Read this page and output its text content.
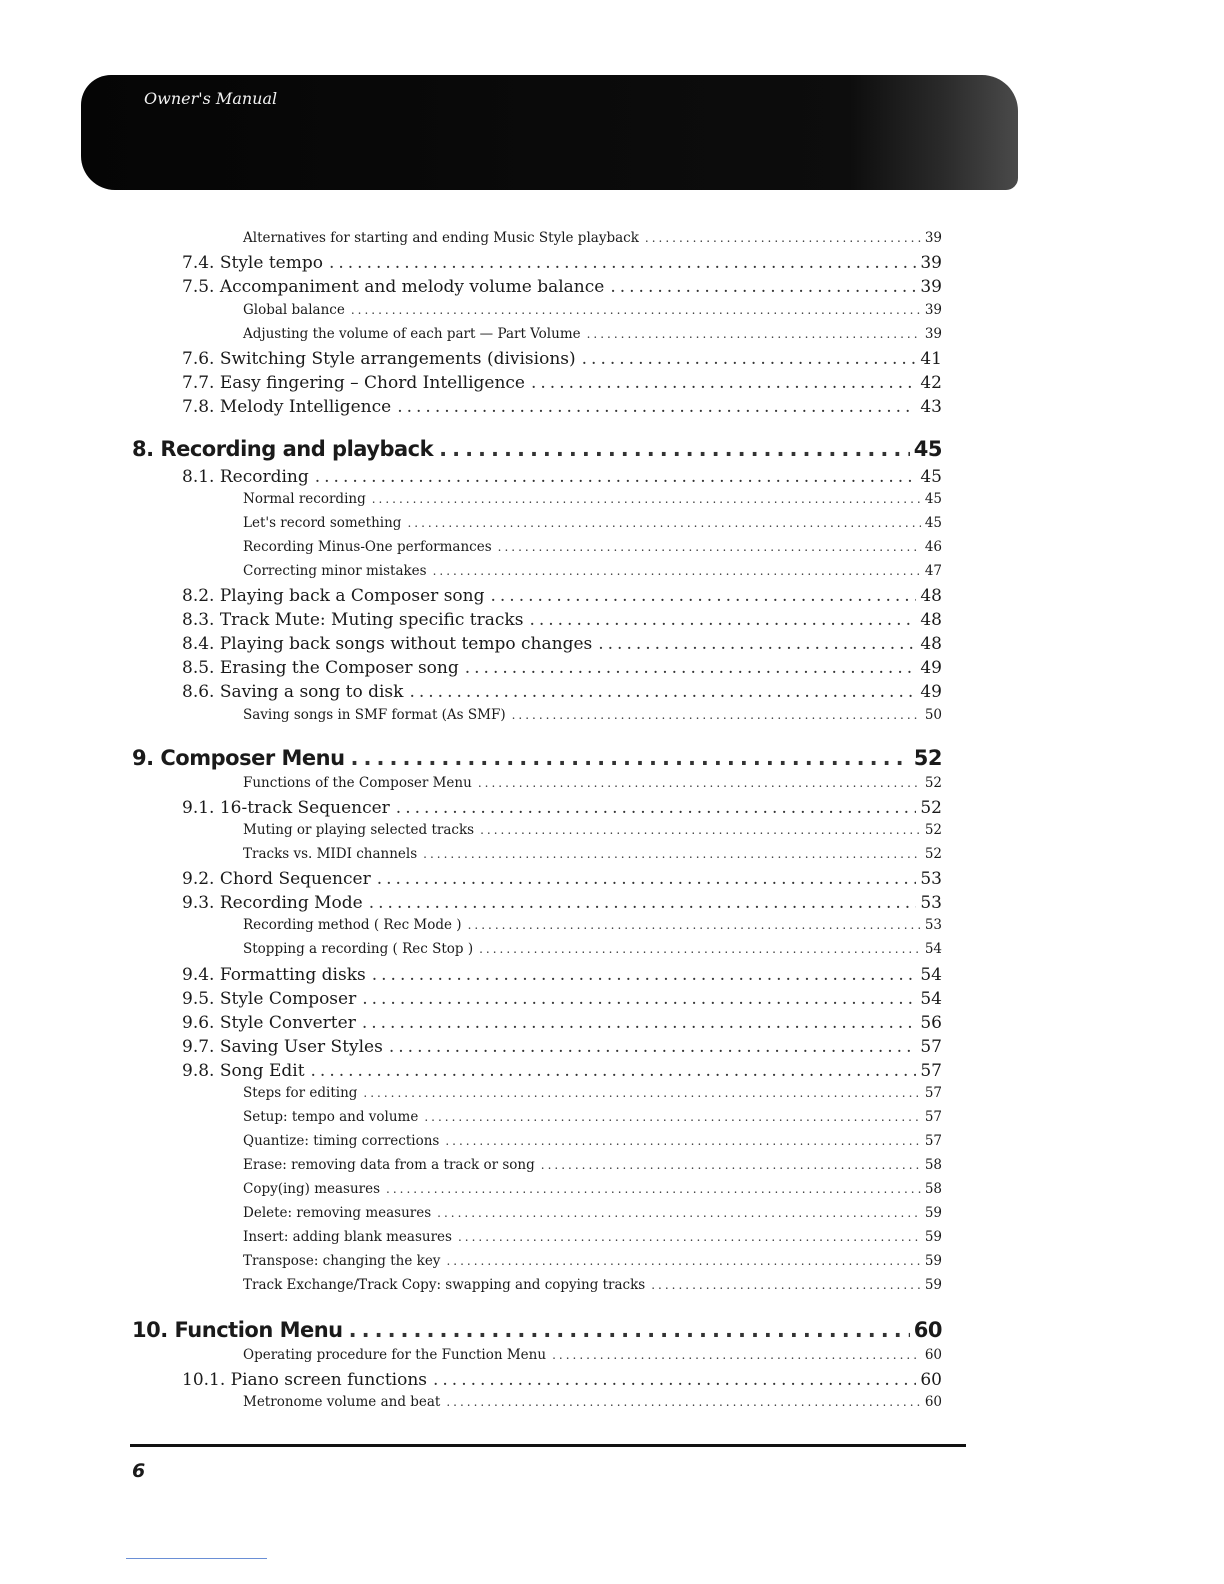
Owner's Manual
Alternatives for starting and ending Music Style playback .....	39
7.4. Style tempo .....	39
7.5. Accompaniment and melody volume balance .....	39
Global balance .....	39
Adjusting the volume of each part — Part Volume .....	39
7.6. Switching Style arrangements (divisions) .....	41
7.7. Easy fingering – Chord Intelligence .....	42
7.8. Melody Intelligence .....	43
8. Recording and playback .....	45
8.1. Recording .....	45
Normal recording .....	45
Let's record something .....	45
Recording Minus-One performances .....	46
Correcting minor mistakes .....	47
8.2. Playing back a Composer song .....	48
8.3. Track Mute: Muting specific tracks .....	48
8.4. Playing back songs without tempo changes .....	48
8.5. Erasing the Composer song .....	49
8.6. Saving a song to disk .....	49
Saving songs in SMF format (As SMF) .....	50
9. Composer Menu .....	52
Functions of the Composer Menu .....	52
9.1. 16-track Sequencer .....	52
Muting or playing selected tracks .....	52
Tracks vs. MIDI channels .....	52
9.2. Chord Sequencer .....	53
9.3. Recording Mode .....	53
Recording method ( Rec Mode ) .....	53
Stopping a recording ( Rec Stop ) .....	54
9.4. Formatting disks .....	54
9.5. Style Composer .....	54
9.6. Style Converter .....	56
9.7. Saving User Styles .....	57
9.8. Song Edit .....	57
Steps for editing .....	57
Setup: tempo and volume .....	57
Quantize: timing corrections .....	57
Erase: removing data from a track or song .....	58
Copy(ing) measures .....	58
Delete: removing measures .....	59
Insert: adding blank measures .....	59
Transpose: changing the key .....	59
Track Exchange/Track Copy: swapping and copying tracks .....	59
10. Function Menu .....	60
Operating procedure for the Function Menu .....	60
10.1. Piano screen functions .....	60
Metronome volume and beat .....	60
6
